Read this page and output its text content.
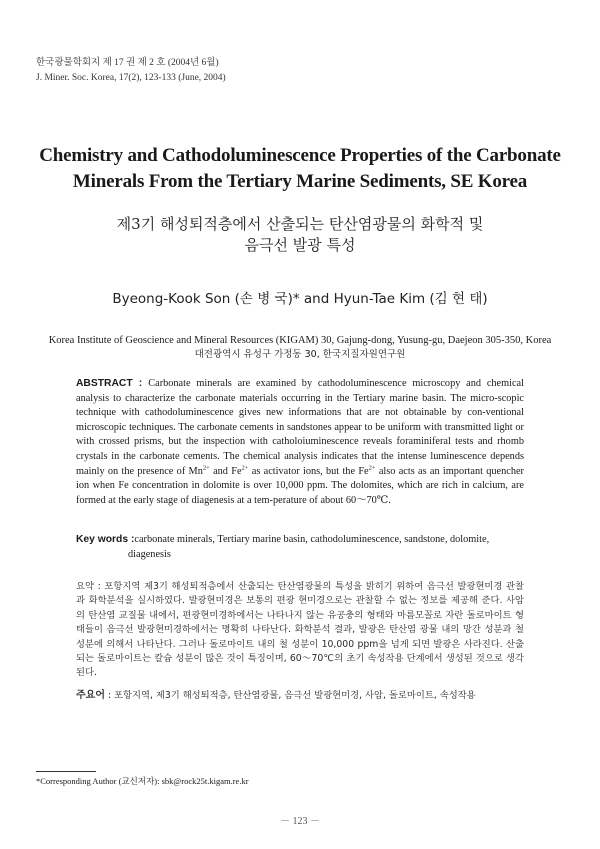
한국광물학회지 제 17 권 제 2 호 (2004년 6월)
J. Miner. Soc. Korea, 17(2), 123-133 (June, 2004)
Chemistry and Cathodoluminescence Properties of the Carbonate Minerals From the Tertiary Marine Sediments, SE Korea
제3기 해성퇴적층에서 산출되는 탄산염광물의 화학적 및
음극선 발광 특성
Byeong-Kook Son (손 병 국)* and Hyun-Tae Kim (김 현 태)
Korea Institute of Geoscience and Mineral Resources (KIGAM) 30, Gajung-dong, Yusung-gu, Daejeon 305-350, Korea
대전광역시 유성구 가정동 30, 한국지질자원연구원
ABSTRACT : Carbonate minerals are examined by cathodoluminescence microscopy and chemical analysis to characterize the carbonate materials occurring in the Tertiary marine basin. The micro-scopic technique with cathodoluminescence gives new informations that are not obtainable by con-ventional microscopic techniques. The carbonate cements in sandstones appear to be uniform with transmitted light or with crossed prisms, but the inspection with catholoiuminescence reveals foraminiferal tests and rhomb crystals in the carbonate cements. The chemical analysis indicates that the intense luminescence depends mainly on the presence of $Mn^{2+}$ and $Fe^{2+}$ as activator ions, but the $Fe^{2+}$ also acts as an important quencher ion when Fe concentration in dolomite is over 10,000 ppm. The dolomites, which are rich in calcium, are formed at the early stage of diagenesis at a tem-perature of about 60～70℃.
Key words : carbonate minerals, Tertiary marine basin, cathodoluminescence, sandstone, dolomite, diagenesis
요약 : 포항지역 제3기 해성퇴적층에서 산출되는 탄산염광물의 특성을 밝히기 위하여 음극선 발광현미경 관찰과 화학분석을 실시하였다. 발광현미경은 보통의 편광 현미경으로는 관찰할 수 없는 정보를 제공해 준다. 사암의 탄산염 교질물 내에서, 편광현미경하에서는 나타나지 않는 유공충의 형태와 마름모꼴로 자란 돌로마이트 형태들이 음극선 발광현미경하에서는 명확히 나타난다. 화학분석 결과, 발광은 탄산염 광물 내의 망간 성분과 철 성분에 의해서 나타난다. 그러나 돌로마이트 내의 철 성분이 10,000 ppm을 넘게 되면 발광은 사라진다. 산출되는 돌로마이트는 칼슘 성분이 많은 것이 특징이며, 60～70℃의 초기 속성작용 단계에서 생성된 것으로 생각된다.
주요어 : 포항지역, 제3기 해성퇴적층, 탄산염광물, 음극선 발광현미경, 사암, 돌로마이트, 속성작용
*Corresponding Author (교신저자): sbk@rock25t.kigam.re.kr
－ 123 －
